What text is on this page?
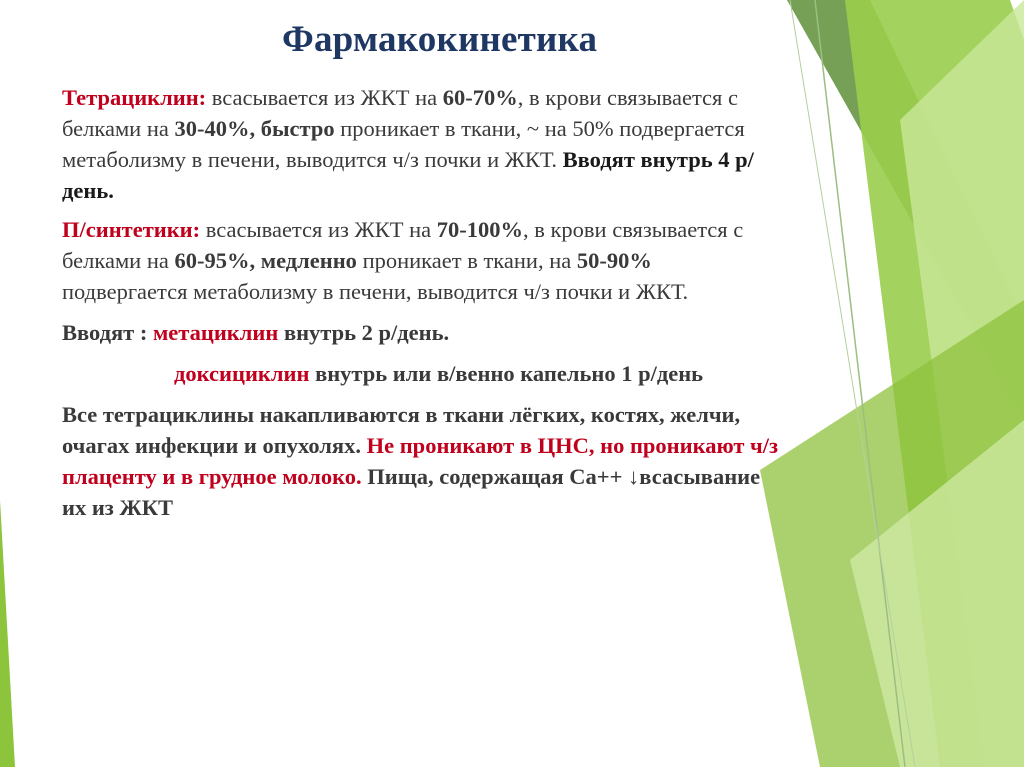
Фармакокинетика

Тетрациклин: всасывается из ЖКТ на 60-70%, в крови связывается с белками на 30-40%, быстро проникает в ткани, ~ на 50% подвергается метаболизму в печени, выводится ч/з почки и ЖКТ. Вводят внутрь 4 р/день.

П/синтетики: всасывается из ЖКТ на 70-100%, в крови связывается с белками на 60-95%, медленно проникает в ткани, на 50-90% подвергается метаболизму в печени, выводится ч/з почки и ЖКТ.

Вводят : метациклин внутрь 2 р/день.

доксициклин внутрь или в/венно капельно 1 р/день

Все тетрациклины накапливаются в ткани лёгких, костях, желчи, очагах инфекции и опухолях. Не проникают в ЦНС, но проникают ч/з плаценту и в грудное молоко. Пища, содержащая Са++ ↓всасывание их из ЖКТ
